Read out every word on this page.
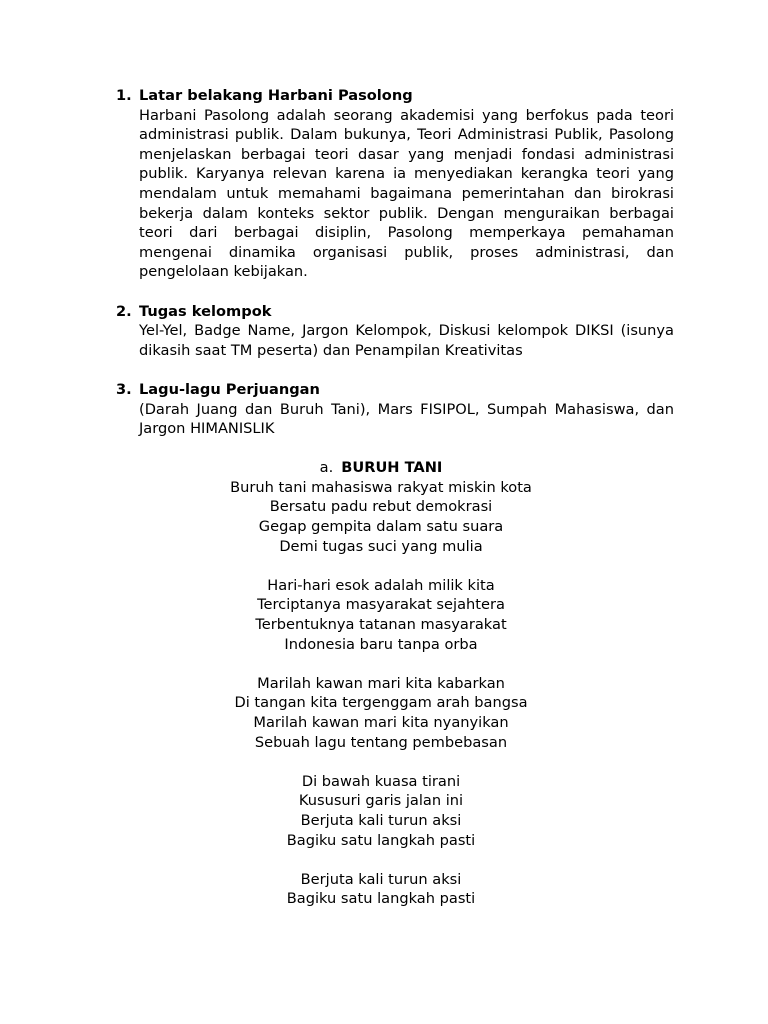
1. Latar belakang Harbani Pasolong

Harbani Pasolong adalah seorang akademisi yang berfokus pada teori administrasi publik. Dalam bukunya, Teori Administrasi Publik, Pasolong menjelaskan berbagai teori dasar yang menjadi fondasi administrasi publik. Karyanya relevan karena ia menyediakan kerangka teori yang mendalam untuk memahami bagaimana pemerintahan dan birokrasi bekerja dalam konteks sektor publik. Dengan menguraikan berbagai teori dari berbagai disiplin, Pasolong memperkaya pemahaman mengenai dinamika organisasi publik, proses administrasi, dan pengelolaan kebijakan.

2. Tugas kelompok

Yel-Yel, Badge Name, Jargon Kelompok, Diskusi kelompok DIKSI (isunya dikasih saat TM peserta) dan Penampilan Kreativitas

3. Lagu-lagu Perjuangan

(Darah Juang dan Buruh Tani), Mars FISIPOL, Sumpah Mahasiswa, dan Jargon HIMANISLIK

a. BURUH TANI
Buruh tani mahasiswa rakyat miskin kota
Bersatu padu rebut demokrasi
Gegap gempita dalam satu suara
Demi tugas suci yang mulia
Hari-hari esok adalah milik kita
Terciptanya masyarakat sejahtera
Terbentuknya tatanan masyarakat
Indonesia baru tanpa orba
Marilah kawan mari kita kabarkan
Di tangan kita tergenggam arah bangsa
Marilah kawan mari kita nyanyikan
Sebuah lagu tentang pembebasan
Di bawah kuasa tirani
Kususuri garis jalan ini
Berjuta kali turun aksi
Bagiku satu langkah pasti
Berjuta kali turun aksi
Bagiku satu langkah pasti
